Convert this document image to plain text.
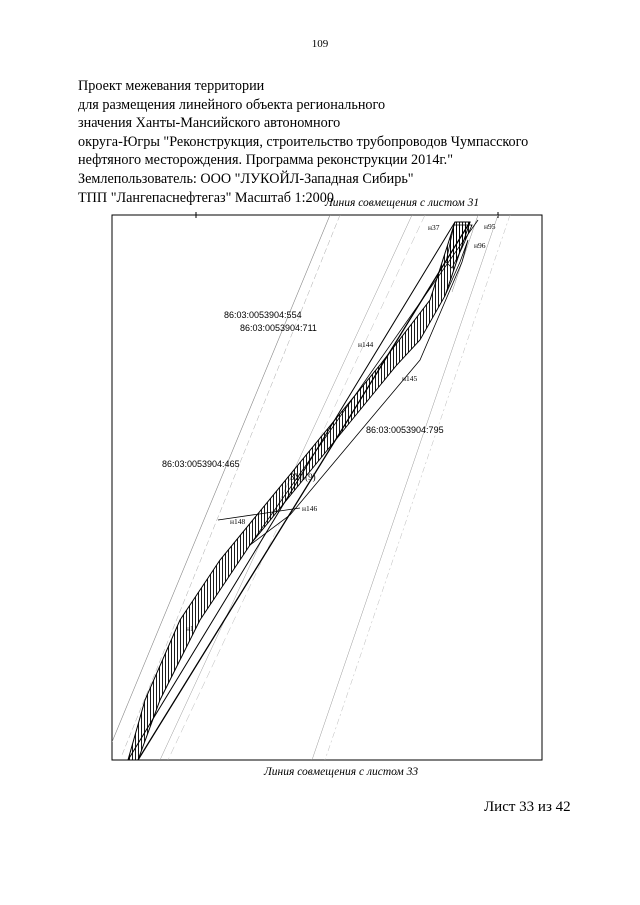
109
Проект межевания территории
для размещения линейного объекта регионального
значения Ханты-Мансийского автономного
округа-Югры "Реконструкция, строительство трубопроводов Чумпасского
нефтяного месторождения. Программа реконструкции 2014г."
Землепользователь: ООО "ЛУКОЙЛ-Западная Сибирь"
ТПП "Лангепаснефтегаз" Масштаб 1:2000
Линия совмещения с листом 31
86:03:0053904:554
86:03:0053904:711
86:03:0053904:795
86:03:0053904:465
ЗУ1(9)
н37	н95
н96
н144
н145
н146
н148
н1
Линия совмещения с листом 33
Лист 33 из 42
